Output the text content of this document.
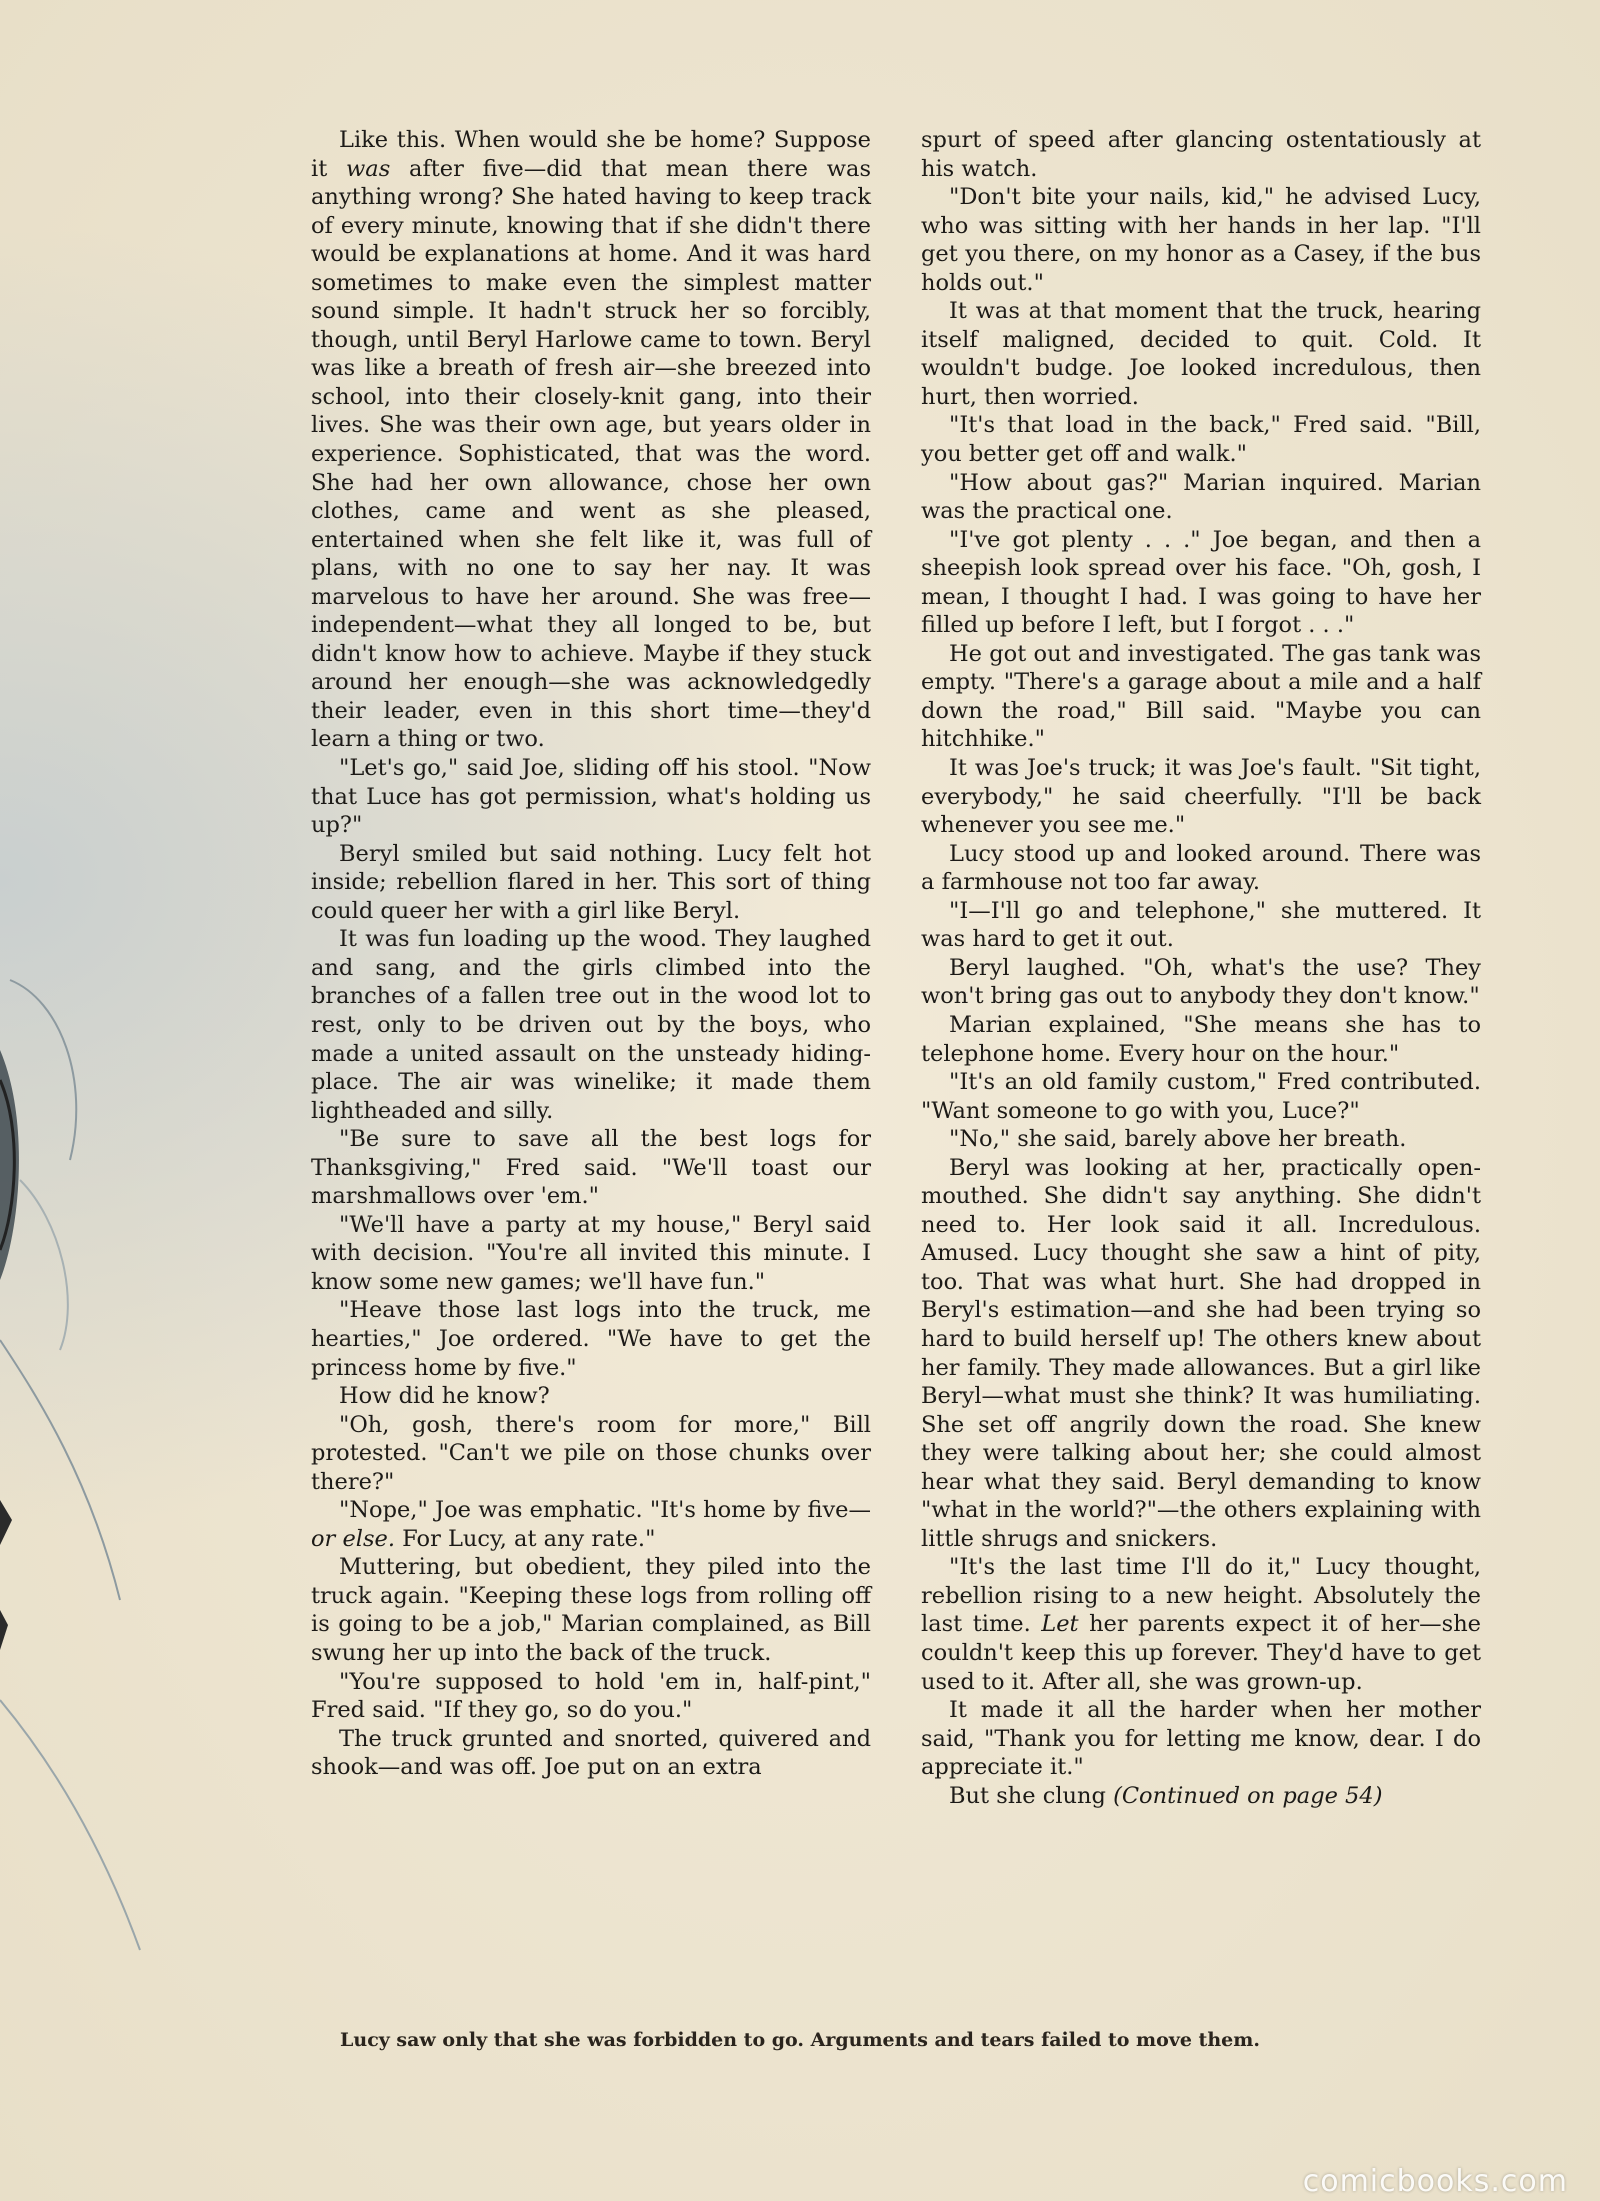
Like this. When would she be home? Suppose it was after five—did that mean there was anything wrong? She hated having to keep track of every minute, knowing that if she didn't there would be explanations at home. And it was hard sometimes to make even the simplest matter sound simple. It hadn't struck her so forcibly, though, until Beryl Harlowe came to town. Beryl was like a breath of fresh air—she breezed into school, into their closely-knit gang, into their lives. She was their own age, but years older in experience. Sophisticated, that was the word. She had her own allowance, chose her own clothes, came and went as she pleased, entertained when she felt like it, was full of plans, with no one to say her nay. It was marvelous to have her around. She was free—independent—what they all longed to be, but didn't know how to achieve. Maybe if they stuck around her enough—she was acknowledgedly their leader, even in this short time—they'd learn a thing or two.

"Let's go," said Joe, sliding off his stool. "Now that Luce has got permission, what's holding us up?"

Beryl smiled but said nothing. Lucy felt hot inside; rebellion flared in her. This sort of thing could queer her with a girl like Beryl.

It was fun loading up the wood. They laughed and sang, and the girls climbed into the branches of a fallen tree out in the wood lot to rest, only to be driven out by the boys, who made a united assault on the unsteady hiding-place. The air was winelike; it made them lightheaded and silly.

"Be sure to save all the best logs for Thanksgiving," Fred said. "We'll toast our marshmallows over 'em."

"We'll have a party at my house," Beryl said with decision. "You're all invited this minute. I know some new games; we'll have fun."

"Heave those last logs into the truck, me hearties," Joe ordered. "We have to get the princess home by five."

How did he know?

"Oh, gosh, there's room for more," Bill protested. "Can't we pile on those chunks over there?"

"Nope," Joe was emphatic. "It's home by five—or else. For Lucy, at any rate."

Muttering, but obedient, they piled into the truck again. "Keeping these logs from rolling off is going to be a job," Marian complained, as Bill swung her up into the back of the truck.

"You're supposed to hold 'em in, half-pint," Fred said. "If they go, so do you."

The truck grunted and snorted, quivered and shook—and was off. Joe put on an extra

spurt of speed after glancing ostentatiously at his watch.

"Don't bite your nails, kid," he advised Lucy, who was sitting with her hands in her lap. "I'll get you there, on my honor as a Casey, if the bus holds out."

It was at that moment that the truck, hearing itself maligned, decided to quit. Cold. It wouldn't budge. Joe looked incredulous, then hurt, then worried.

"It's that load in the back," Fred said. "Bill, you better get off and walk."

"How about gas?" Marian inquired. Marian was the practical one.

"I've got plenty . . ." Joe began, and then a sheepish look spread over his face. "Oh, gosh, I mean, I thought I had. I was going to have her filled up before I left, but I forgot . . ."

He got out and investigated. The gas tank was empty. "There's a garage about a mile and a half down the road," Bill said. "Maybe you can hitchhike."

It was Joe's truck; it was Joe's fault. "Sit tight, everybody," he said cheerfully. "I'll be back whenever you see me."

Lucy stood up and looked around. There was a farmhouse not too far away.

"I—I'll go and telephone," she muttered. It was hard to get it out.

Beryl laughed. "Oh, what's the use? They won't bring gas out to anybody they don't know."

Marian explained, "She means she has to telephone home. Every hour on the hour."

"It's an old family custom," Fred contributed. "Want someone to go with you, Luce?"

"No," she said, barely above her breath.

Beryl was looking at her, practically open-mouthed. She didn't say anything. She didn't need to. Her look said it all. Incredulous. Amused. Lucy thought she saw a hint of pity, too. That was what hurt. She had dropped in Beryl's estimation—and she had been trying so hard to build herself up! The others knew about her family. They made allowances. But a girl like Beryl—what must she think? It was humiliating. She set off angrily down the road. She knew they were talking about her; she could almost hear what they said. Beryl demanding to know "what in the world?"—the others explaining with little shrugs and snickers.

"It's the last time I'll do it," Lucy thought, rebellion rising to a new height. Absolutely the last time. Let her parents expect it of her—she couldn't keep this up forever. They'd have to get used to it. After all, she was grown-up.

It made it all the harder when her mother said, "Thank you for letting me know, dear. I do appreciate it."

But she clung (Continued on page 54)

Lucy saw only that she was forbidden to go. Arguments and tears failed to move them.
comicbooks.com
